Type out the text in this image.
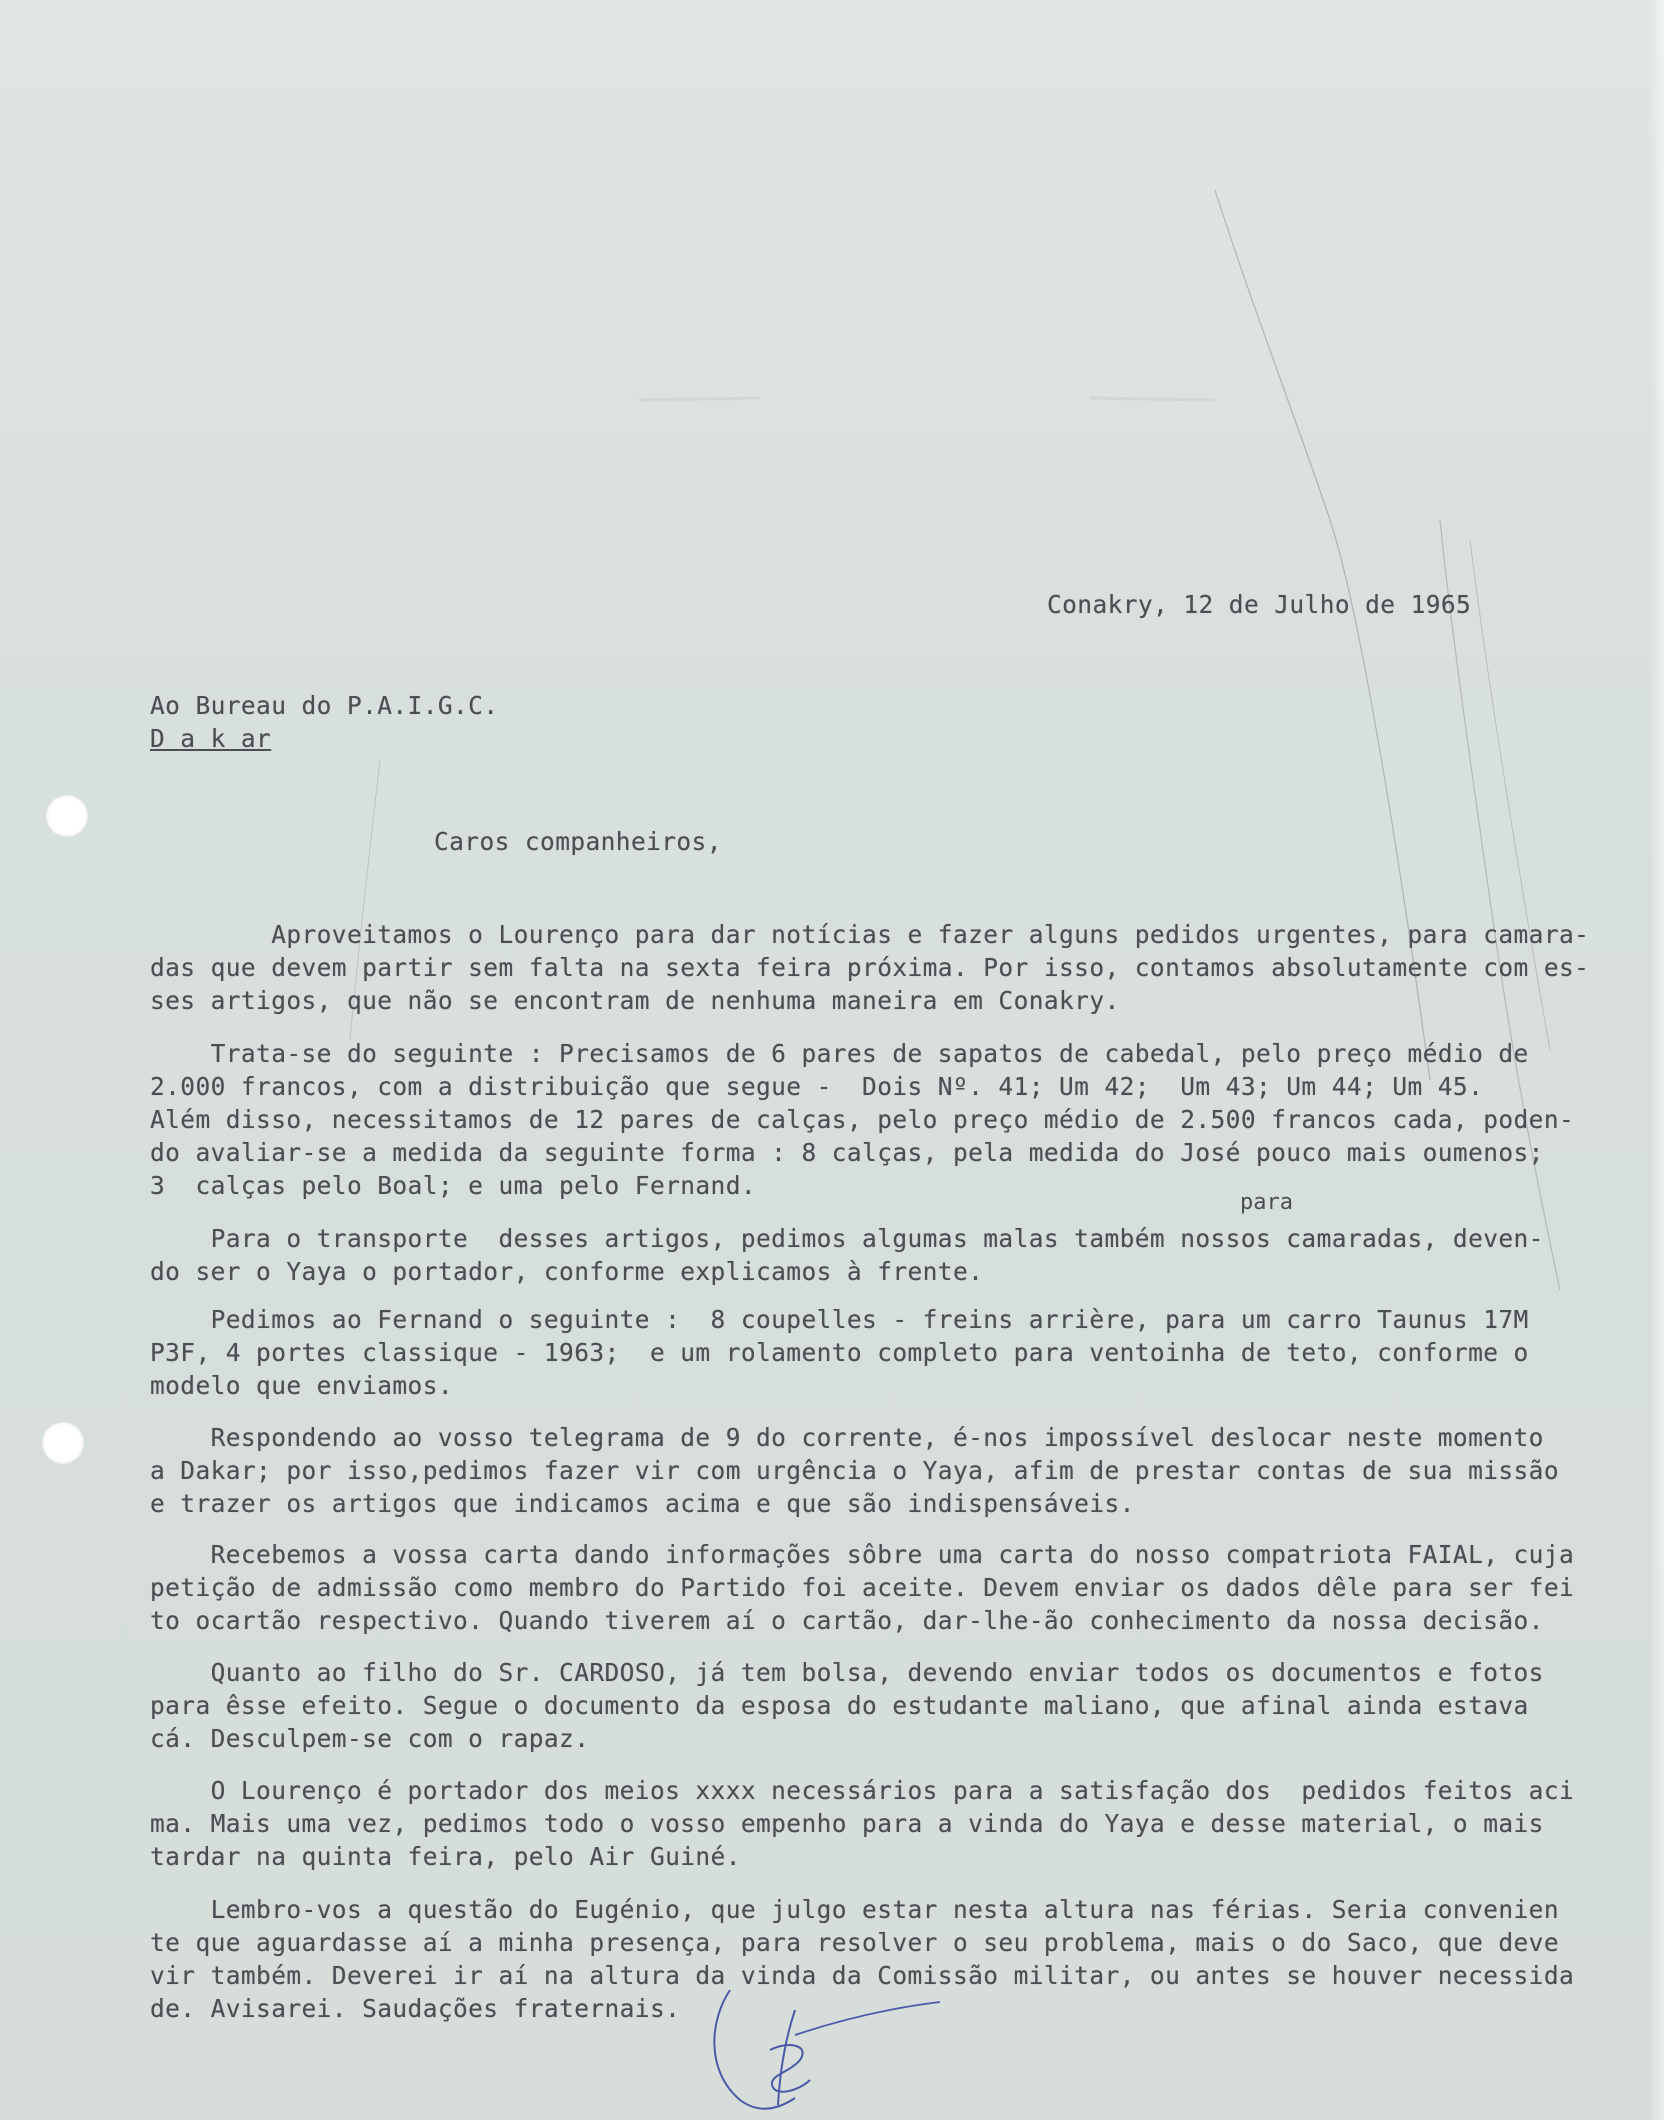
Conakry, 12 de Julho de 1965
Ao Bureau do P.A.I.G.C.
D a k ar
Caros companheiros,
para
Aproveitamos o Lourenço para dar notícias e fazer alguns pedidos urgentes, para camara-
das que devem partir sem falta na sexta feira próxima. Por isso, contamos absolutamente com es-
ses artigos, que não se encontram de nenhuma maneira em Conakry.
Trata-se do seguinte : Precisamos de 6 pares de sapatos de cabedal, pelo preço médio de
2.000 francos, com a distribuição que segue -  Dois Nº. 41; Um 42;  Um 43; Um 44; Um 45.
Além disso, necessitamos de 12 pares de calças, pelo preço médio de 2.500 francos cada, poden-
do avaliar-se a medida da seguinte forma : 8 calças, pela medida do José pouco mais oumenos;
3  calças pelo Boal; e uma pelo Fernand.
Para o transporte  desses artigos, pedimos algumas malas também nossos camaradas, deven-
do ser o Yaya o portador, conforme explicamos à frente.
Pedimos ao Fernand o seguinte :  8 coupelles - freins arrière, para um carro Taunus 17M
P3F, 4 portes classique - 1963;  e um rolamento completo para ventoinha de teto, conforme o
modelo que enviamos.
Respondendo ao vosso telegrama de 9 do corrente, é-nos impossível deslocar neste momento
a Dakar; por isso,pedimos fazer vir com urgência o Yaya, afim de prestar contas de sua missão
e trazer os artigos que indicamos acima e que são indispensáveis.
Recebemos a vossa carta dando informações sôbre uma carta do nosso compatriota FAIAL, cuja
petição de admissão como membro do Partido foi aceite. Devem enviar os dados dêle para ser fei
to ocartão respectivo. Quando tiverem aí o cartão, dar-lhe-ão conhecimento da nossa decisão.
Quanto ao filho do Sr. CARDOSO, já tem bolsa, devendo enviar todos os documentos e fotos
para êsse efeito. Segue o documento da esposa do estudante maliano, que afinal ainda estava
cá. Desculpem-se com o rapaz.
O Lourenço é portador dos meios xxxx necessários para a satisfação dos  pedidos feitos aci
ma. Mais uma vez, pedimos todo o vosso empenho para a vinda do Yaya e desse material, o mais
tardar na quinta feira, pelo Air Guiné.
Lembro-vos a questão do Eugénio, que julgo estar nesta altura nas férias. Seria convenien
te que aguardasse aí a minha presença, para resolver o seu problema, mais o do Saco, que deve
vir também. Deverei ir aí na altura da vinda da Comissão militar, ou antes se houver necessida
de. Avisarei. Saudações fraternais.
